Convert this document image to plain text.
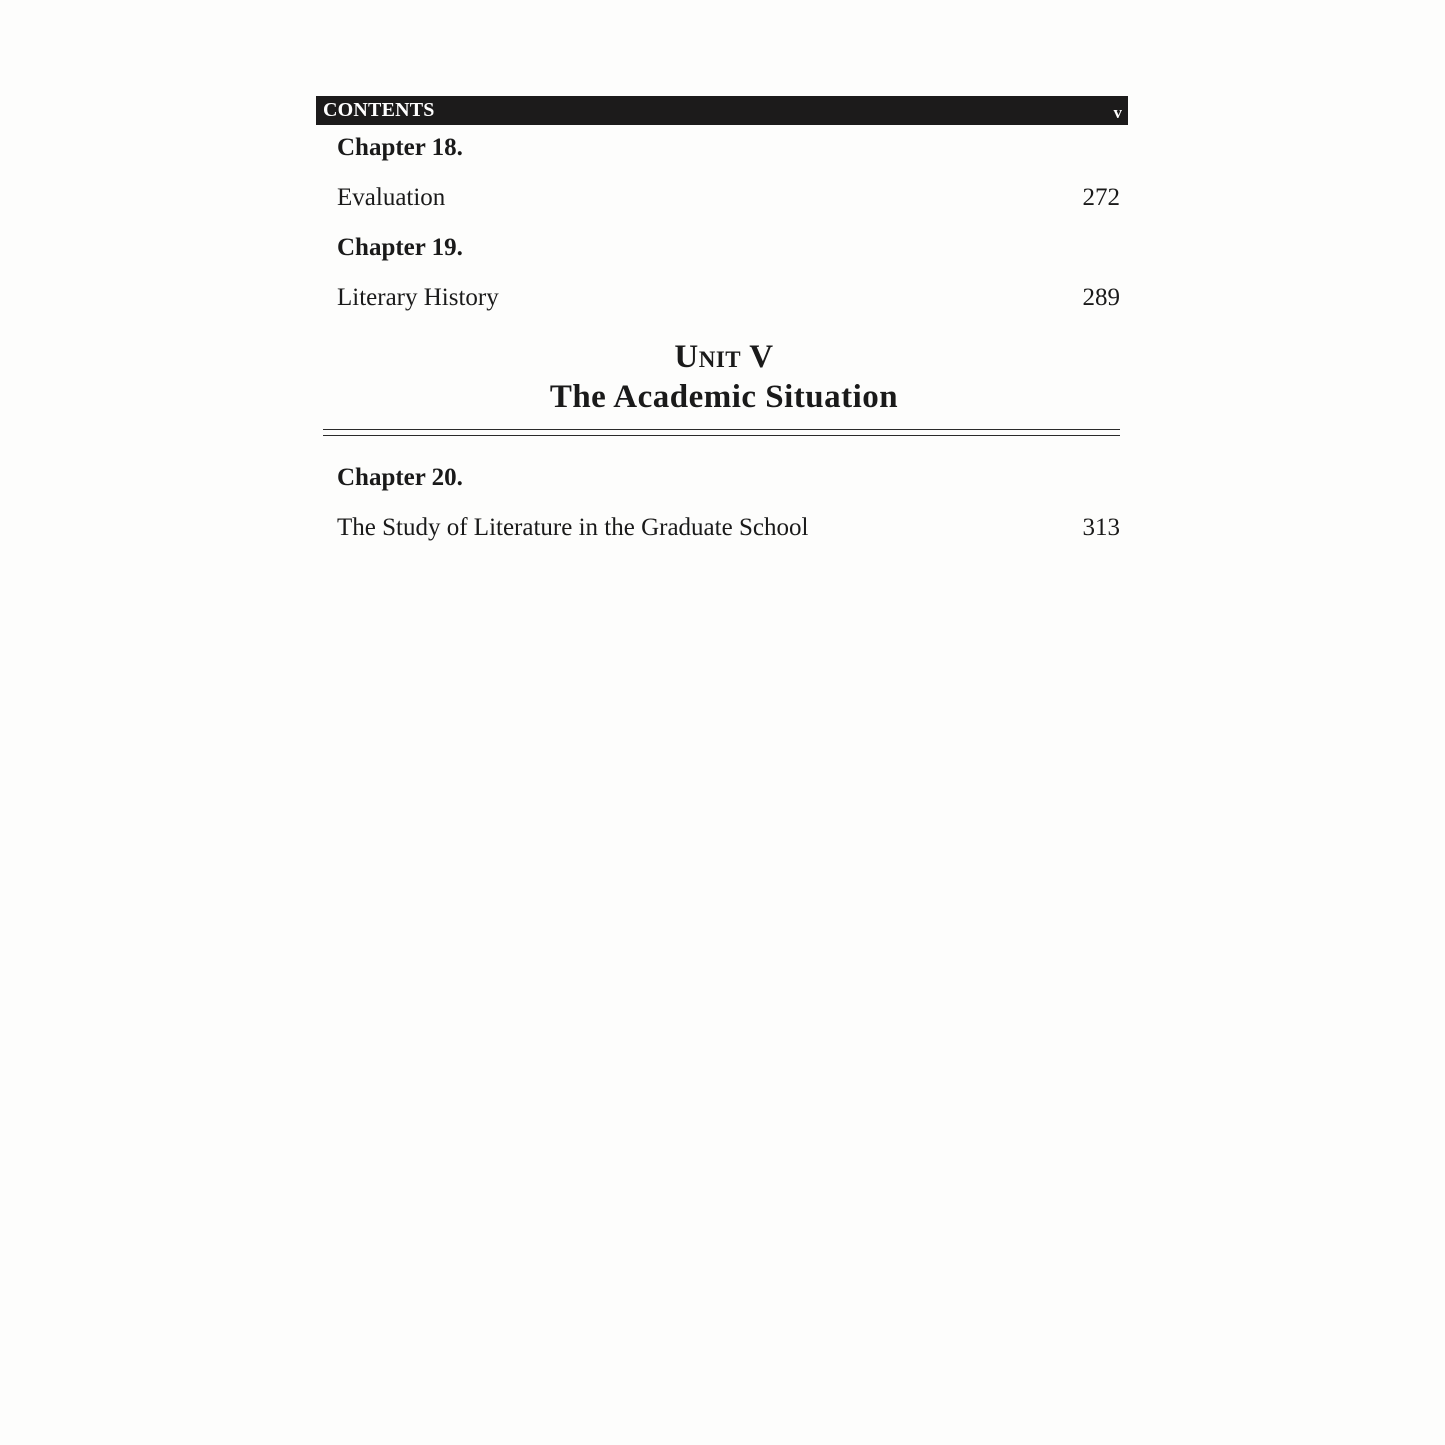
CONTENTS	v
Chapter 18.
Evaluation	272
Chapter 19.
Literary History	289
Unit V
The Academic Situation
Chapter 20.
The Study of Literature in the Graduate School	313
